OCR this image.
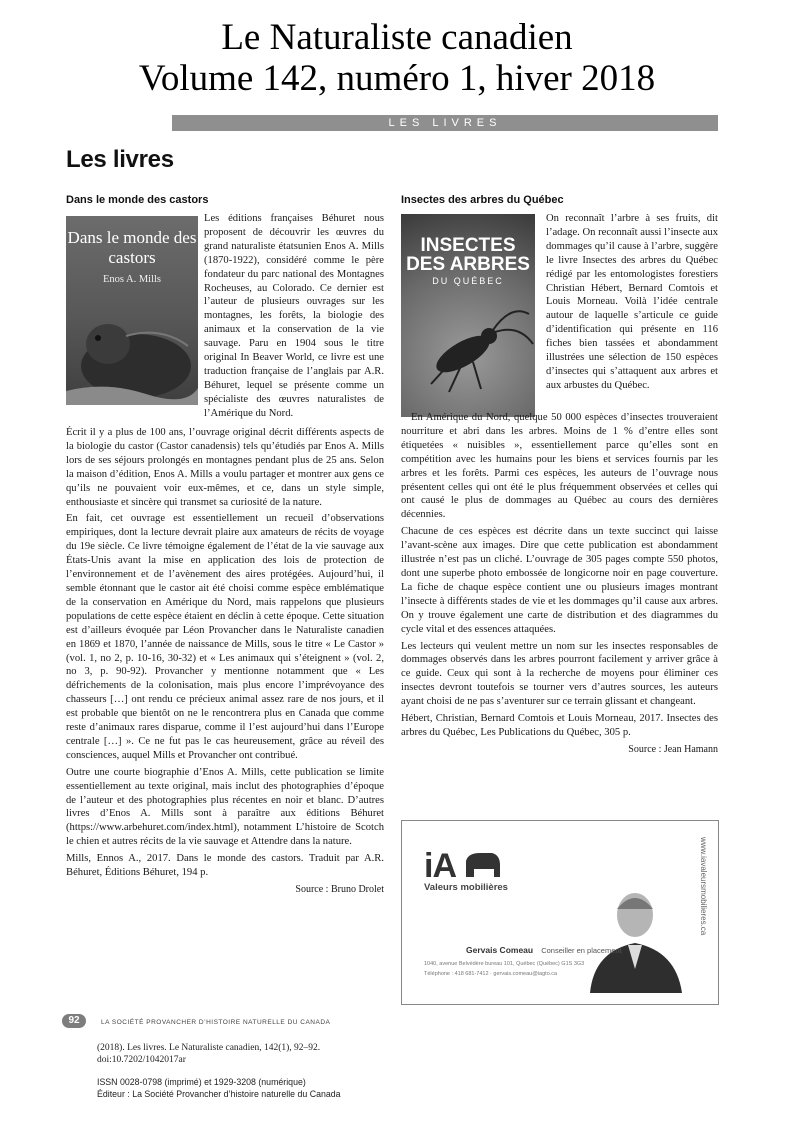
Le Naturaliste canadien
Volume 142, numéro 1, hiver 2018
LES LIVRES
Les livres
Dans le monde des castors
Dans le monde des castors
Enos A. Mills

Les éditions françaises Béhuret nous proposent de découvrir les œuvres du grand naturaliste étatsunien Enos A. Mills (1870-1922), considéré comme le père fondateur du parc national des Montagnes Rocheuses, au Colorado. Ce dernier est l’auteur de plusieurs ouvrages sur les montagnes, les forêts, la biologie des animaux et la conservation de la vie sauvage. Paru en 1904 sous le titre original In Beaver World, ce livre est une traduction française de l’anglais par A.R. Béhuret, lequel se présente comme un spécialiste des œuvres naturalistes de l’Amérique du Nord.

Écrit il y a plus de 100 ans, l’ouvrage original décrit différents aspects de la biologie du castor (Castor canadensis) tels qu’étudiés par Enos A. Mills lors de ses séjours prolongés en montagnes pendant plus de 25 ans. Selon la maison d’édition, Enos A. Mills a voulu partager et montrer aux gens ce qu’ils ne pouvaient voir eux-mêmes, et ce, dans un style simple, enthousiaste et sincère qui transmet sa curiosité de la nature.

En fait, cet ouvrage est essentiellement un recueil d’observations empiriques, dont la lecture devrait plaire aux amateurs de récits de voyage du 19e siècle. Ce livre témoigne également de l’état de la vie sauvage aux États-Unis avant la mise en application des lois de protection de l’environnement et de l’avènement des aires protégées. Aujourd’hui, il semble étonnant que le castor ait été choisi comme espèce emblématique de la conservation en Amérique du Nord, mais rappelons que plusieurs populations de cette espèce étaient en déclin à cette époque. Cette situation est d’ailleurs évoquée par Léon Provancher dans le Naturaliste canadien en 1869 et 1870, l’année de naissance de Mills, sous le titre « Le Castor » (vol. 1, no 2, p. 10-16, 30-32) et « Les animaux qui s’éteignent » (vol. 2, no 3, p. 90-92). Provancher y mentionne notamment que « Les défrichements de la colonisation, mais plus encore l’imprévoyance des chasseurs […] ont rendu ce précieux animal assez rare de nos jours, et il est probable que bientôt on ne le rencontrera plus en Canada que comme reste d’animaux rares disparue, comme il l’est aujourd’hui dans l’Europe centrale […] ». Ce ne fut pas le cas heureusement, grâce au réveil des consciences, auquel Mills et Provancher ont contribué.

Outre une courte biographie d’Enos A. Mills, cette publication se limite essentiellement au texte original, mais inclut des photographies d’époque de l’auteur et des photographies plus récentes en noir et blanc. D’autres livres d’Enos A. Mills sont à paraître aux éditions Béhuret (https://www.arbehuret.com/index.html), notamment L’histoire de Scotch le chien et autres récits de la vie sauvage et Attendre dans la nature.

Mills, Ennos A., 2017. Dans le monde des castors. Traduit par A.R. Béhuret, Éditions Béhuret, 194 p.

Source : Bruno Drolet
Insectes des arbres du Québec
INSECTES DES ARBRES
DU QUÉBEC

On reconnaît l’arbre à ses fruits, dit l’adage. On reconnaît aussi l’insecte aux dommages qu’il cause à l’arbre, suggère le livre Insectes des arbres du Québec rédigé par les entomologistes forestiers Christian Hébert, Bernard Comtois et Louis Morneau. Voilà l’idée centrale autour de laquelle s’articule ce guide d’identification qui présente en 116 fiches bien tassées et abondamment illustrées une sélection de 150 espèces d’insectes qui s’attaquent aux arbres et aux arbustes du Québec.

En Amérique du Nord, quelque 50 000 espèces d’insectes trouveraient nourriture et abri dans les arbres. Moins de 1 % d’entre elles sont étiquetées « nuisibles », essentiellement parce qu’elles sont en compétition avec les humains pour les biens et services fournis par les arbres et les forêts. Parmi ces espèces, les auteurs de l’ouvrage nous présentent celles qui ont été le plus fréquemment observées et celles qui ont causé le plus de dommages au Québec au cours des dernières décennies.

Chacune de ces espèces est décrite dans un texte succinct qui laisse l’avant-scène aux images. Dire que cette publication est abondamment illustrée n’est pas un cliché. L’ouvrage de 305 pages compte 550 photos, dont une superbe photo embossée de longicorne noir en page couverture. La fiche de chaque espèce contient une ou plusieurs images montrant l’insecte à différents stades de vie et les dommages qu’il cause aux arbres. On y trouve également une carte de distribution et des diagrammes du cycle vital et des essences attaquées.

Les lecteurs qui veulent mettre un nom sur les insectes responsables de dommages observés dans les arbres pourront facilement y arriver grâce à ce guide. Ceux qui sont à la recherche de moyens pour éliminer ces insectes devront toutefois se tourner vers d’autres sources, les auteurs ayant choisi de ne pas s’aventurer sur ce terrain glissant et changeant.

Hébert, Christian, Bernard Comtois et Louis Morneau, 2017. Insectes des arbres du Québec, Les Publications du Québec, 305 p.

Source : Jean Hamann
iA
Valeurs mobilières
Gervais Comeau Conseiller en placement
1040, avenue Belvédère bureau 101, Québec (Québec) G1S 3G3
Téléphone : 418 681-7412 · gervais.comeau@iagto.ca
www.iavaleursmobilieres.ca
92	LA SOCIÉTÉ PROVANCHER D’HISTOIRE NATURELLE DU CANADA
(2018). Les livres. Le Naturaliste canadien, 142(1), 92–92.
doi:10.7202/1042017ar
ISSN 0028-0798 (imprimé) et 1929-3208 (numérique)
Éditeur : La Société Provancher d’histoire naturelle du Canada
